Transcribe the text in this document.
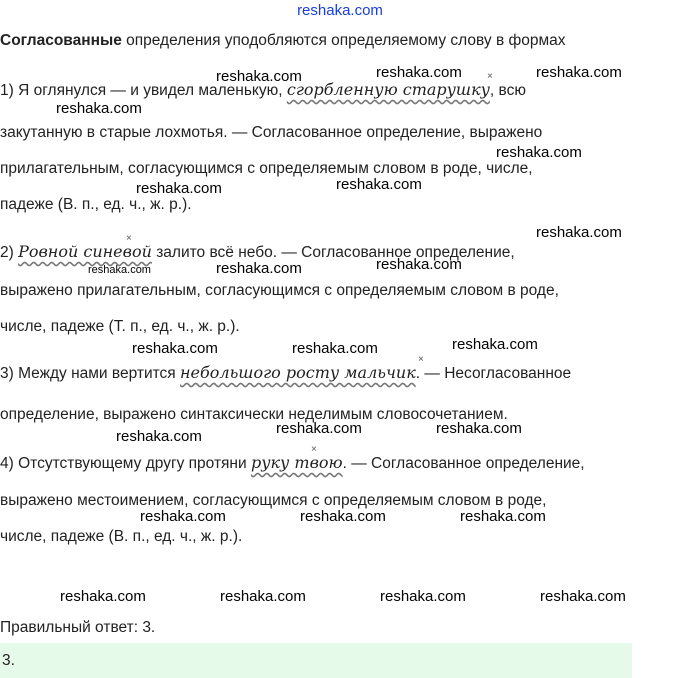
reshaka.com
Согласованные определения уподобляются определяемому слову в формах
1) Я оглянулся — и увидел маленькую, сгорбленную старушку, всю
закутанную в старые лохмотья. — Согласованное определение, выражено
прилагательным, согласующимся с определяемым словом в роде, числе,
падеже (В. п., ед. ч., ж. р.).
2) Ровной синевой залито всё небо. — Согласованное определение,
выражено прилагательным, согласующимся с определяемым словом в роде,
числе, падеже (Т. п., ед. ч., ж. р.).
3) Между нами вертится небольшого росту мальчик. — Несогласованное
определение, выражено синтаксически неделимым словосочетанием.
4) Отсутствующему другу протяни руку твою. — Согласованное определение,
выражено местоимением, согласующимся с определяемым словом в роде,
числе, падеже (В. п., ед. ч., ж. р.).
Правильный ответ: 3.
3.
×
×
×
×
reshaka.com	reshaka.com	reshaka.com
reshaka.com
reshaka.com
reshaka.com	reshaka.com
reshaka.com
reshaka.com	reshaka.com	reshaka.com
reshaka.com	reshaka.com	reshaka.com
reshaka.com	reshaka.com	reshaka.com
reshaka.com	reshaka.com	reshaka.com
reshaka.com	reshaka.com	reshaka.com	reshaka.com
